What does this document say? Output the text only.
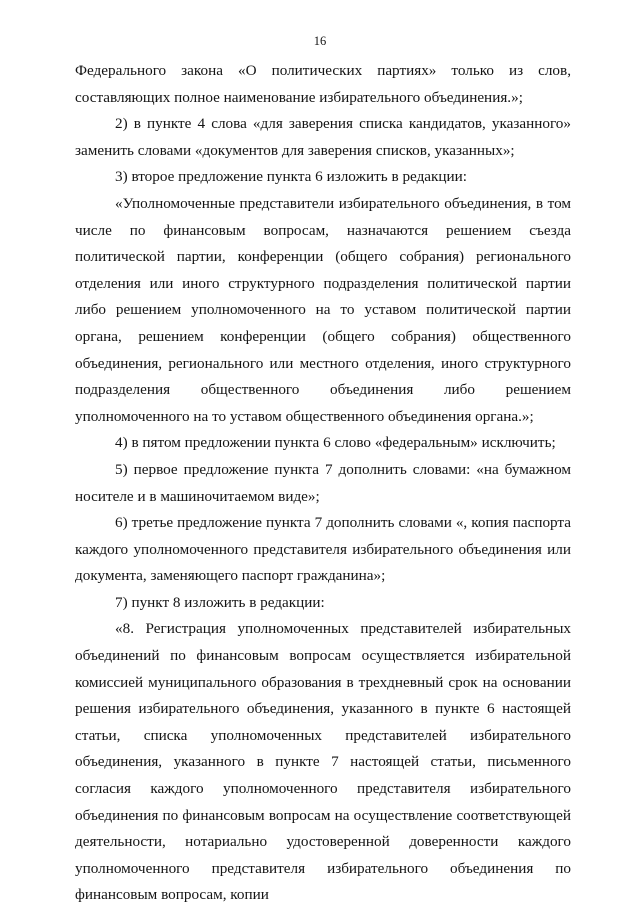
16

Федерального закона «О политических партиях» только из слов, составляющих полное наименование избирательного объединения.»;

2) в пункте 4 слова «для заверения списка кандидатов, указанного» заменить словами «документов для заверения списков, указанных»;

3) второе предложение пункта 6 изложить в редакции:

«Уполномоченные представители избирательного объединения, в том числе по финансовым вопросам, назначаются решением съезда политической партии, конференции (общего собрания) регионального отделения или иного структурного подразделения политической партии либо решением уполномоченного на то уставом политической партии органа, решением конференции (общего собрания) общественного объединения, регионального или местного отделения, иного структурного подразделения общественного объединения либо решением уполномоченного на то уставом общественного объединения органа.»;

4) в пятом предложении пункта 6 слово «федеральным» исключить;

5) первое предложение пункта 7 дополнить словами: «на бумажном носителе и в машиночитаемом виде»;

6) третье предложение пункта 7 дополнить словами «, копия паспорта каждого уполномоченного представителя избирательного объединения или документа, заменяющего паспорт гражданина»;

7) пункт 8 изложить в редакции:

«8. Регистрация уполномоченных представителей избирательных объединений по финансовым вопросам осуществляется избирательной комиссией муниципального образования в трехдневный срок на основании решения избирательного объединения, указанного в пункте 6 настоящей статьи, списка уполномоченных представителей избирательного объединения, указанного в пункте 7 настоящей статьи, письменного согласия каждого уполномоченного представителя избирательного объединения по финансовым вопросам на осуществление соответствующей деятельности, нотариально удостоверенной доверенности каждого уполномоченного представителя избирательного объединения по финансовым вопросам, копии
